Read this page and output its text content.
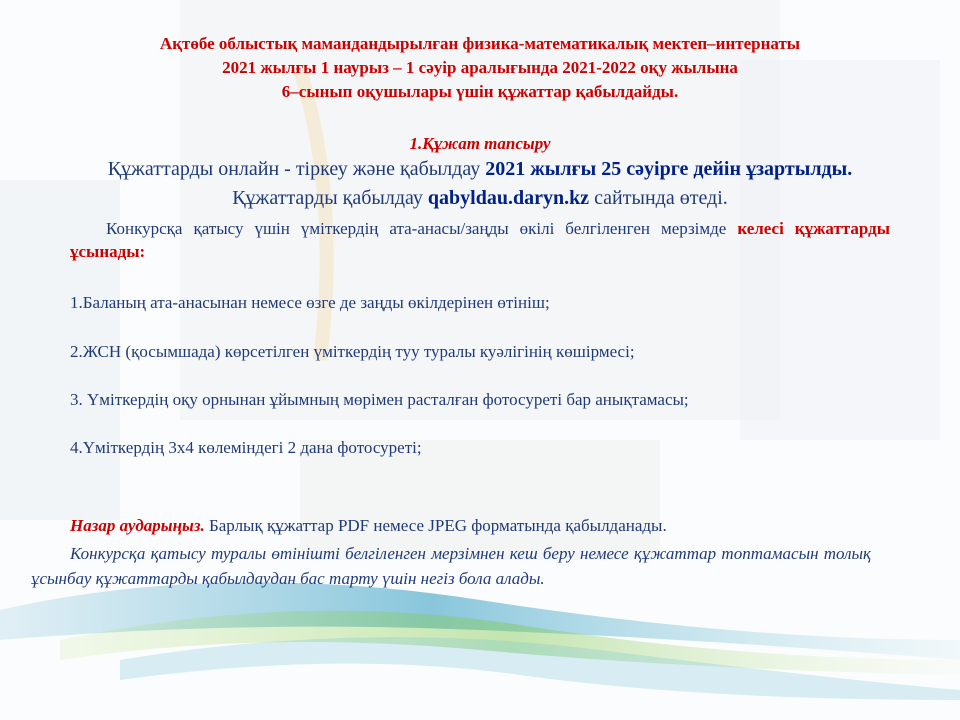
Ақтөбе облыстық мамандандырылған физика-математикалық мектеп–интернаты
2021 жылғы 1 наурыз – 1 сәуір аралығында 2021-2022 оқу жылына
6–сынып оқушылары үшін құжаттар қабылдайды.
1.Құжат тапсыру
Құжаттарды онлайн - тіркеу және қабылдау 2021 жылғы 25 сәуірге дейін ұзартылды.
Құжаттарды қабылдау qabyldau.daryn.kz сайтында өтеді.
Конкурсқа қатысу үшін үміткердің ата-анасы/заңды өкілі белгіленген мерзімде келесі құжаттарды ұсынады:
1.Баланың ата-анасынан немесе өзге де заңды өкілдерінен өтініш;
2.ЖСН (қосымшада) көрсетілген үміткердің туу туралы куәлігінің көшірмесі;
3. Үміткердің оқу орнынан ұйымның мөрімен расталған фотосуреті бар анықтамасы;
4.Үміткердің 3х4 көлеміндегі 2 дана фотосуреті;
Назар аударыңыз. Барлық құжаттар PDF немесе JPEG форматында қабылданады.
Конкурсқа қатысу туралы өтінішті белгіленген мерзімнен кеш беру немесе құжаттар топтамасын толық ұсынбау құжаттарды қабылдаудан бас тарту үшін негіз бола алады.
